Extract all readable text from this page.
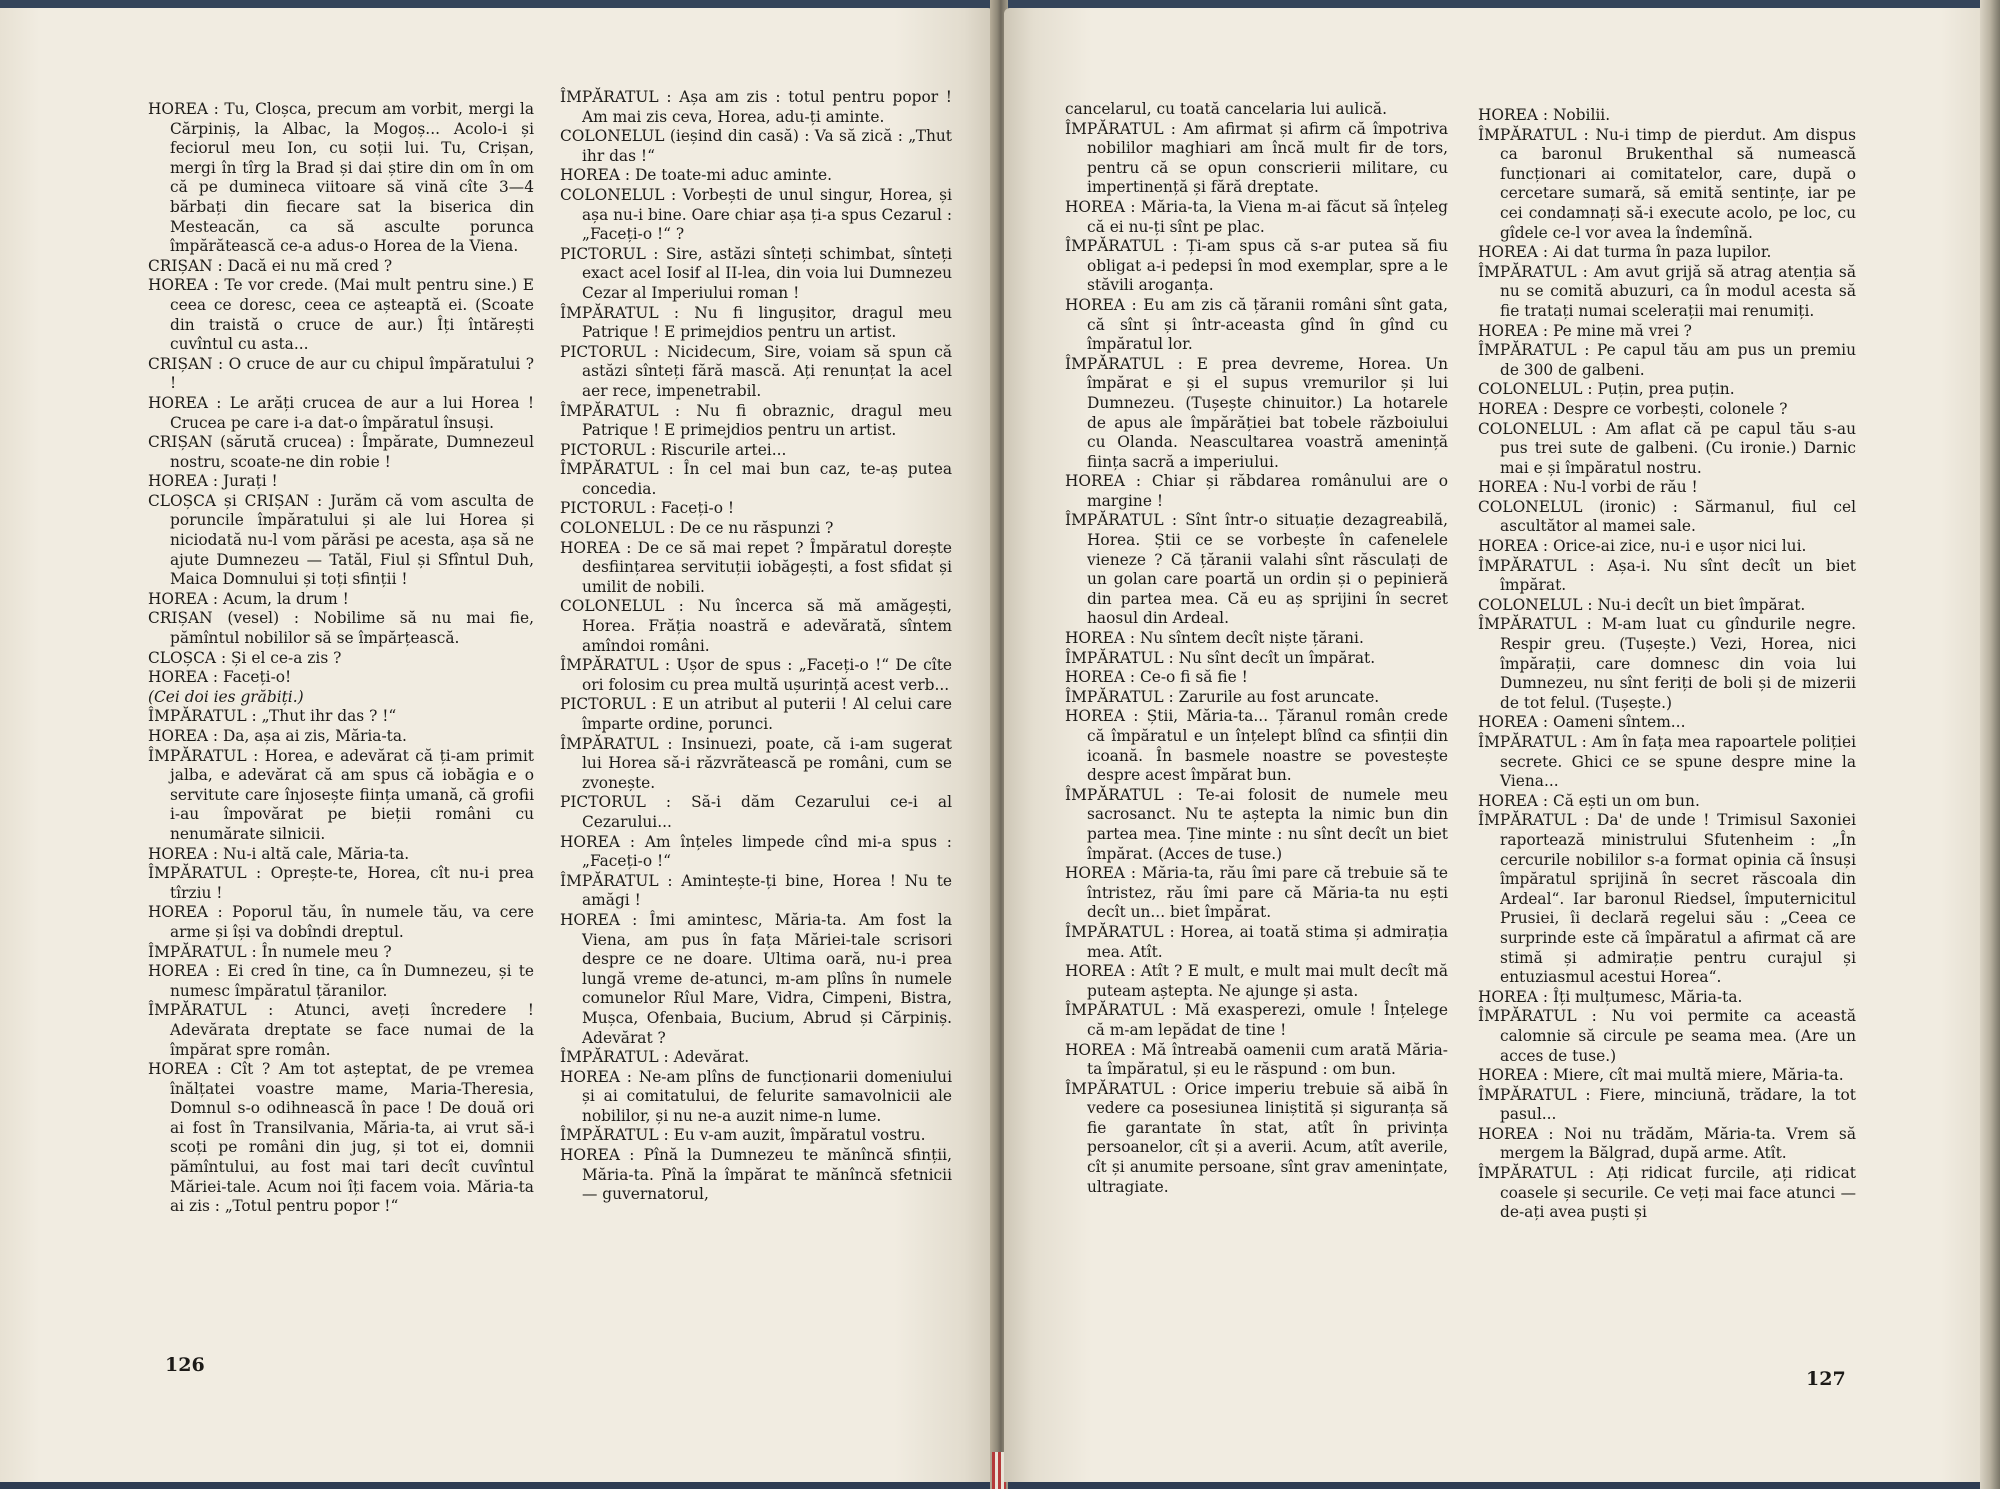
HOREA : Tu, Cloșca, precum am vorbit, mergi la Cărpiniș, la Albac, la Mogoș... Acolo-i și feciorul meu Ion, cu soții lui. Tu, Crișan, mergi în tîrg la Brad și dai știre din om în om că pe dumineca viitoare să vină cîte 3—4 bărbați din fiecare sat la biserica din Mesteacăn, ca să asculte porunca împărătească ce-a adus-o Horea de la Viena.

CRIȘAN : Dacă ei nu mă cred ?

HOREA : Te vor crede. (Mai mult pentru sine.) E ceea ce doresc, ceea ce așteaptă ei. (Scoate din traistă o cruce de aur.) Îți întărești cuvîntul cu asta...

CRIȘAN : O cruce de aur cu chipul împăratului ? !

HOREA : Le arăți crucea de aur a lui Horea ! Crucea pe care i-a dat-o împăratul însuși.

CRIȘAN (sărută crucea) : Împărate, Dumnezeul nostru, scoate-ne din robie !

HOREA : Jurați !

CLOȘCA și CRIȘAN : Jurăm că vom asculta de poruncile împăratului și ale lui Horea și niciodată nu-l vom părăsi pe acesta, așa să ne ajute Dumnezeu — Tatăl, Fiul și Sfîntul Duh, Maica Domnului și toți sfinții !

HOREA : Acum, la drum !

CRIȘAN (vesel) : Nobilime să nu mai fie, pămîntul nobililor să se împărțească.

CLOȘCA : Și el ce-a zis ?

HOREA : Faceți-o!

(Cei doi ies grăbiți.)

ÎMPĂRATUL : „Thut ihr das ? !“

HOREA : Da, așa ai zis, Măria-ta.

ÎMPĂRATUL : Horea, e adevărat că ți-am primit jalba, e adevărat că am spus că iobăgia e o servitute care înjosește ființa umană, că grofii i-au împovărat pe bieții români cu nenumărate silnicii.

HOREA : Nu-i altă cale, Măria-ta.

ÎMPĂRATUL : Oprește-te, Horea, cît nu-i prea tîrziu !

HOREA : Poporul tău, în numele tău, va cere arme și își va dobîndi dreptul.

ÎMPĂRATUL : În numele meu ?

HOREA : Ei cred în tine, ca în Dumnezeu, și te numesc împăratul țăranilor.

ÎMPĂRATUL : Atunci, aveți încredere ! Adevărata dreptate se face numai de la împărat spre român.

HOREA : Cît ? Am tot așteptat, de pe vremea înălțatei voastre mame, Maria-Theresia, Domnul s-o odihnească în pace ! De două ori ai fost în Transilvania, Măria-ta, ai vrut să-i scoți pe români din jug, și tot ei, domnii pămîntului, au fost mai tari decît cuvîntul Măriei-tale. Acum noi îți facem voia. Măria-ta ai zis : „Totul pentru popor !“

ÎMPĂRATUL : Așa am zis : totul pentru popor ! Am mai zis ceva, Horea, adu-ți aminte.

COLONELUL (ieșind din casă) : Va să zică : „Thut ihr das !“

HOREA : De toate-mi aduc aminte.

COLONELUL : Vorbești de unul singur, Horea, și așa nu-i bine. Oare chiar așa ți-a spus Cezarul : „Faceți-o !“ ?

PICTORUL : Sire, astăzi sînteți schimbat, sînteți exact acel Iosif al II-lea, din voia lui Dumnezeu Cezar al Imperiului roman !

ÎMPĂRATUL : Nu fi lingușitor, dragul meu Patrique ! E primejdios pentru un artist.

PICTORUL : Nicidecum, Sire, voiam să spun că astăzi sînteți fără mască. Ați renunțat la acel aer rece, impenetrabil.

ÎMPĂRATUL : Nu fi obraznic, dragul meu Patrique ! E primejdios pentru un artist.

PICTORUL : Riscurile artei...

ÎMPĂRATUL : În cel mai bun caz, te-aș putea concedia.

PICTORUL : Faceți-o !

COLONELUL : De ce nu răspunzi ?

HOREA : De ce să mai repet ? Împăratul dorește desființarea servituții iobăgești, a fost sfidat și umilit de nobili.

COLONELUL : Nu încerca să mă amăgești, Horea. Frăția noastră e adevărată, sîntem amîndoi români.

ÎMPĂRATUL : Ușor de spus : „Faceți-o !“ De cîte ori folosim cu prea multă ușurință acest verb...

PICTORUL : E un atribut al puterii ! Al celui care împarte ordine, porunci.

ÎMPĂRATUL : Insinuezi, poate, că i-am sugerat lui Horea să-i răzvrătească pe români, cum se zvonește.

PICTORUL : Să-i dăm Cezarului ce-i al Cezarului...

HOREA : Am înțeles limpede cînd mi-a spus : „Faceți-o !“

ÎMPĂRATUL : Amintește-ți bine, Horea ! Nu te amăgi !

HOREA : Îmi amintesc, Măria-ta. Am fost la Viena, am pus în fața Măriei-tale scrisori despre ce ne doare. Ultima oară, nu-i prea lungă vreme de-atunci, m-am plîns în numele comunelor Rîul Mare, Vidra, Cimpeni, Bistra, Mușca, Ofenbaia, Bucium, Abrud și Cărpiniș. Adevărat ?

ÎMPĂRATUL : Adevărat.

HOREA : Ne-am plîns de funcționarii domeniului și ai comitatului, de felurite samavolnicii ale nobililor, și nu ne-a auzit nime-n lume.

ÎMPĂRATUL : Eu v-am auzit, împăratul vostru.

HOREA : Pînă la Dumnezeu te mănîncă sfinții, Măria-ta. Pînă la împărat te mănîncă sfetnicii — guvernatorul,

126

cancelarul, cu toată cancelaria lui aulică.

ÎMPĂRATUL : Am afirmat și afirm că împotriva nobililor maghiari am încă mult fir de tors, pentru că se opun conscrierii militare, cu impertinență și fără dreptate.

HOREA : Măria-ta, la Viena m-ai făcut să înțeleg că ei nu-ți sînt pe plac.

ÎMPĂRATUL : Ți-am spus că s-ar putea să fiu obligat a-i pedepsi în mod exemplar, spre a le stăvili aroganța.

HOREA : Eu am zis că țăranii români sînt gata, că sînt și într-aceasta gînd în gînd cu împăratul lor.

ÎMPĂRATUL : E prea devreme, Horea. Un împărat e și el supus vremurilor și lui Dumnezeu. (Tușește chinuitor.) La hotarele de apus ale împărăției bat tobele războiului cu Olanda. Neascultarea voastră amenință ființa sacră a imperiului.

HOREA : Chiar și răbdarea românului are o margine !

ÎMPĂRATUL : Sînt într-o situație dezagreabilă, Horea. Știi ce se vorbește în cafenelele vieneze ? Că țăranii valahi sînt răsculați de un golan care poartă un ordin și o pepinieră din partea mea. Că eu aș sprijini în secret haosul din Ardeal.

HOREA : Nu sîntem decît niște țărani.

ÎMPĂRATUL : Nu sînt decît un împărat.

HOREA : Ce-o fi să fie !

ÎMPĂRATUL : Zarurile au fost aruncate.

HOREA : Știi, Măria-ta... Țăranul român crede că împăratul e un înțelept blînd ca sfinții din icoană. În basmele noastre se povestește despre acest împărat bun.

ÎMPĂRATUL : Te-ai folosit de numele meu sacrosanct. Nu te aștepta la nimic bun din partea mea. Ține minte : nu sînt decît un biet împărat. (Acces de tuse.)

HOREA : Măria-ta, rău îmi pare că trebuie să te întristez, rău îmi pare că Măria-ta nu ești decît un... biet împărat.

ÎMPĂRATUL : Horea, ai toată stima și admirația mea. Atît.

HOREA : Atît ? E mult, e mult mai mult decît mă puteam aștepta. Ne ajunge și asta.

ÎMPĂRATUL : Mă exasperezi, omule ! Înțelege că m-am lepădat de tine !

HOREA : Mă întreabă oamenii cum arată Măria-ta împăratul, și eu le răspund : om bun.

ÎMPĂRATUL : Orice imperiu trebuie să aibă în vedere ca posesiunea liniștită și siguranța să fie garantate în stat, atît în privința persoanelor, cît și a averii. Acum, atît averile, cît și anumite persoane, sînt grav amenințate, ultragiate.

HOREA : Nobilii.

ÎMPĂRATUL : Nu-i timp de pierdut. Am dispus ca baronul Brukenthal să numească funcționari ai comitatelor, care, după o cercetare sumară, să emită sentințe, iar pe cei condamnați să-i execute acolo, pe loc, cu gîdele ce-l vor avea la îndemînă.

HOREA : Ai dat turma în paza lupilor.

ÎMPĂRATUL : Am avut grijă să atrag atenția să nu se comită abuzuri, ca în modul acesta să fie tratați numai scelerații mai renumiți.

HOREA : Pe mine mă vrei ?

ÎMPĂRATUL : Pe capul tău am pus un premiu de 300 de galbeni.

COLONELUL : Puțin, prea puțin.

HOREA : Despre ce vorbești, colonele ?

COLONELUL : Am aflat că pe capul tău s-au pus trei sute de galbeni. (Cu ironie.) Darnic mai e și împăratul nostru.

HOREA : Nu-l vorbi de rău !

COLONELUL (ironic) : Sărmanul, fiul cel ascultător al mamei sale.

HOREA : Orice-ai zice, nu-i e ușor nici lui.

ÎMPĂRATUL : Așa-i. Nu sînt decît un biet împărat.

COLONELUL : Nu-i decît un biet împărat.

ÎMPĂRATUL : M-am luat cu gîndurile negre. Respir greu. (Tușește.) Vezi, Horea, nici împărații, care domnesc din voia lui Dumnezeu, nu sînt feriți de boli și de mizerii de tot felul. (Tușește.)

HOREA : Oameni sîntem...

ÎMPĂRATUL : Am în fața mea rapoartele poliției secrete. Ghici ce se spune despre mine la Viena...

HOREA : Că ești un om bun.

ÎMPĂRATUL : Da' de unde ! Trimisul Saxoniei raportează ministrului Sfutenheim : „În cercurile nobililor s-a format opinia că însuși împăratul sprijină în secret răscoala din Ardeal“. Iar baronul Riedsel, împuternicitul Prusiei, îi declară regelui său : „Ceea ce surprinde este că împăratul a afirmat că are stimă și admirație pentru curajul și entuziasmul acestui Horea“.

HOREA : Îți mulțumesc, Măria-ta.

ÎMPĂRATUL : Nu voi permite ca această calomnie să circule pe seama mea. (Are un acces de tuse.)

HOREA : Miere, cît mai multă miere, Măria-ta.

ÎMPĂRATUL : Fiere, minciună, trădare, la tot pasul...

HOREA : Noi nu trădăm, Măria-ta. Vrem să mergem la Bălgrad, după arme. Atît.

ÎMPĂRATUL : Ați ridicat furcile, ați ridicat coasele și securile. Ce veți mai face atunci — de-ați avea puști și

127
